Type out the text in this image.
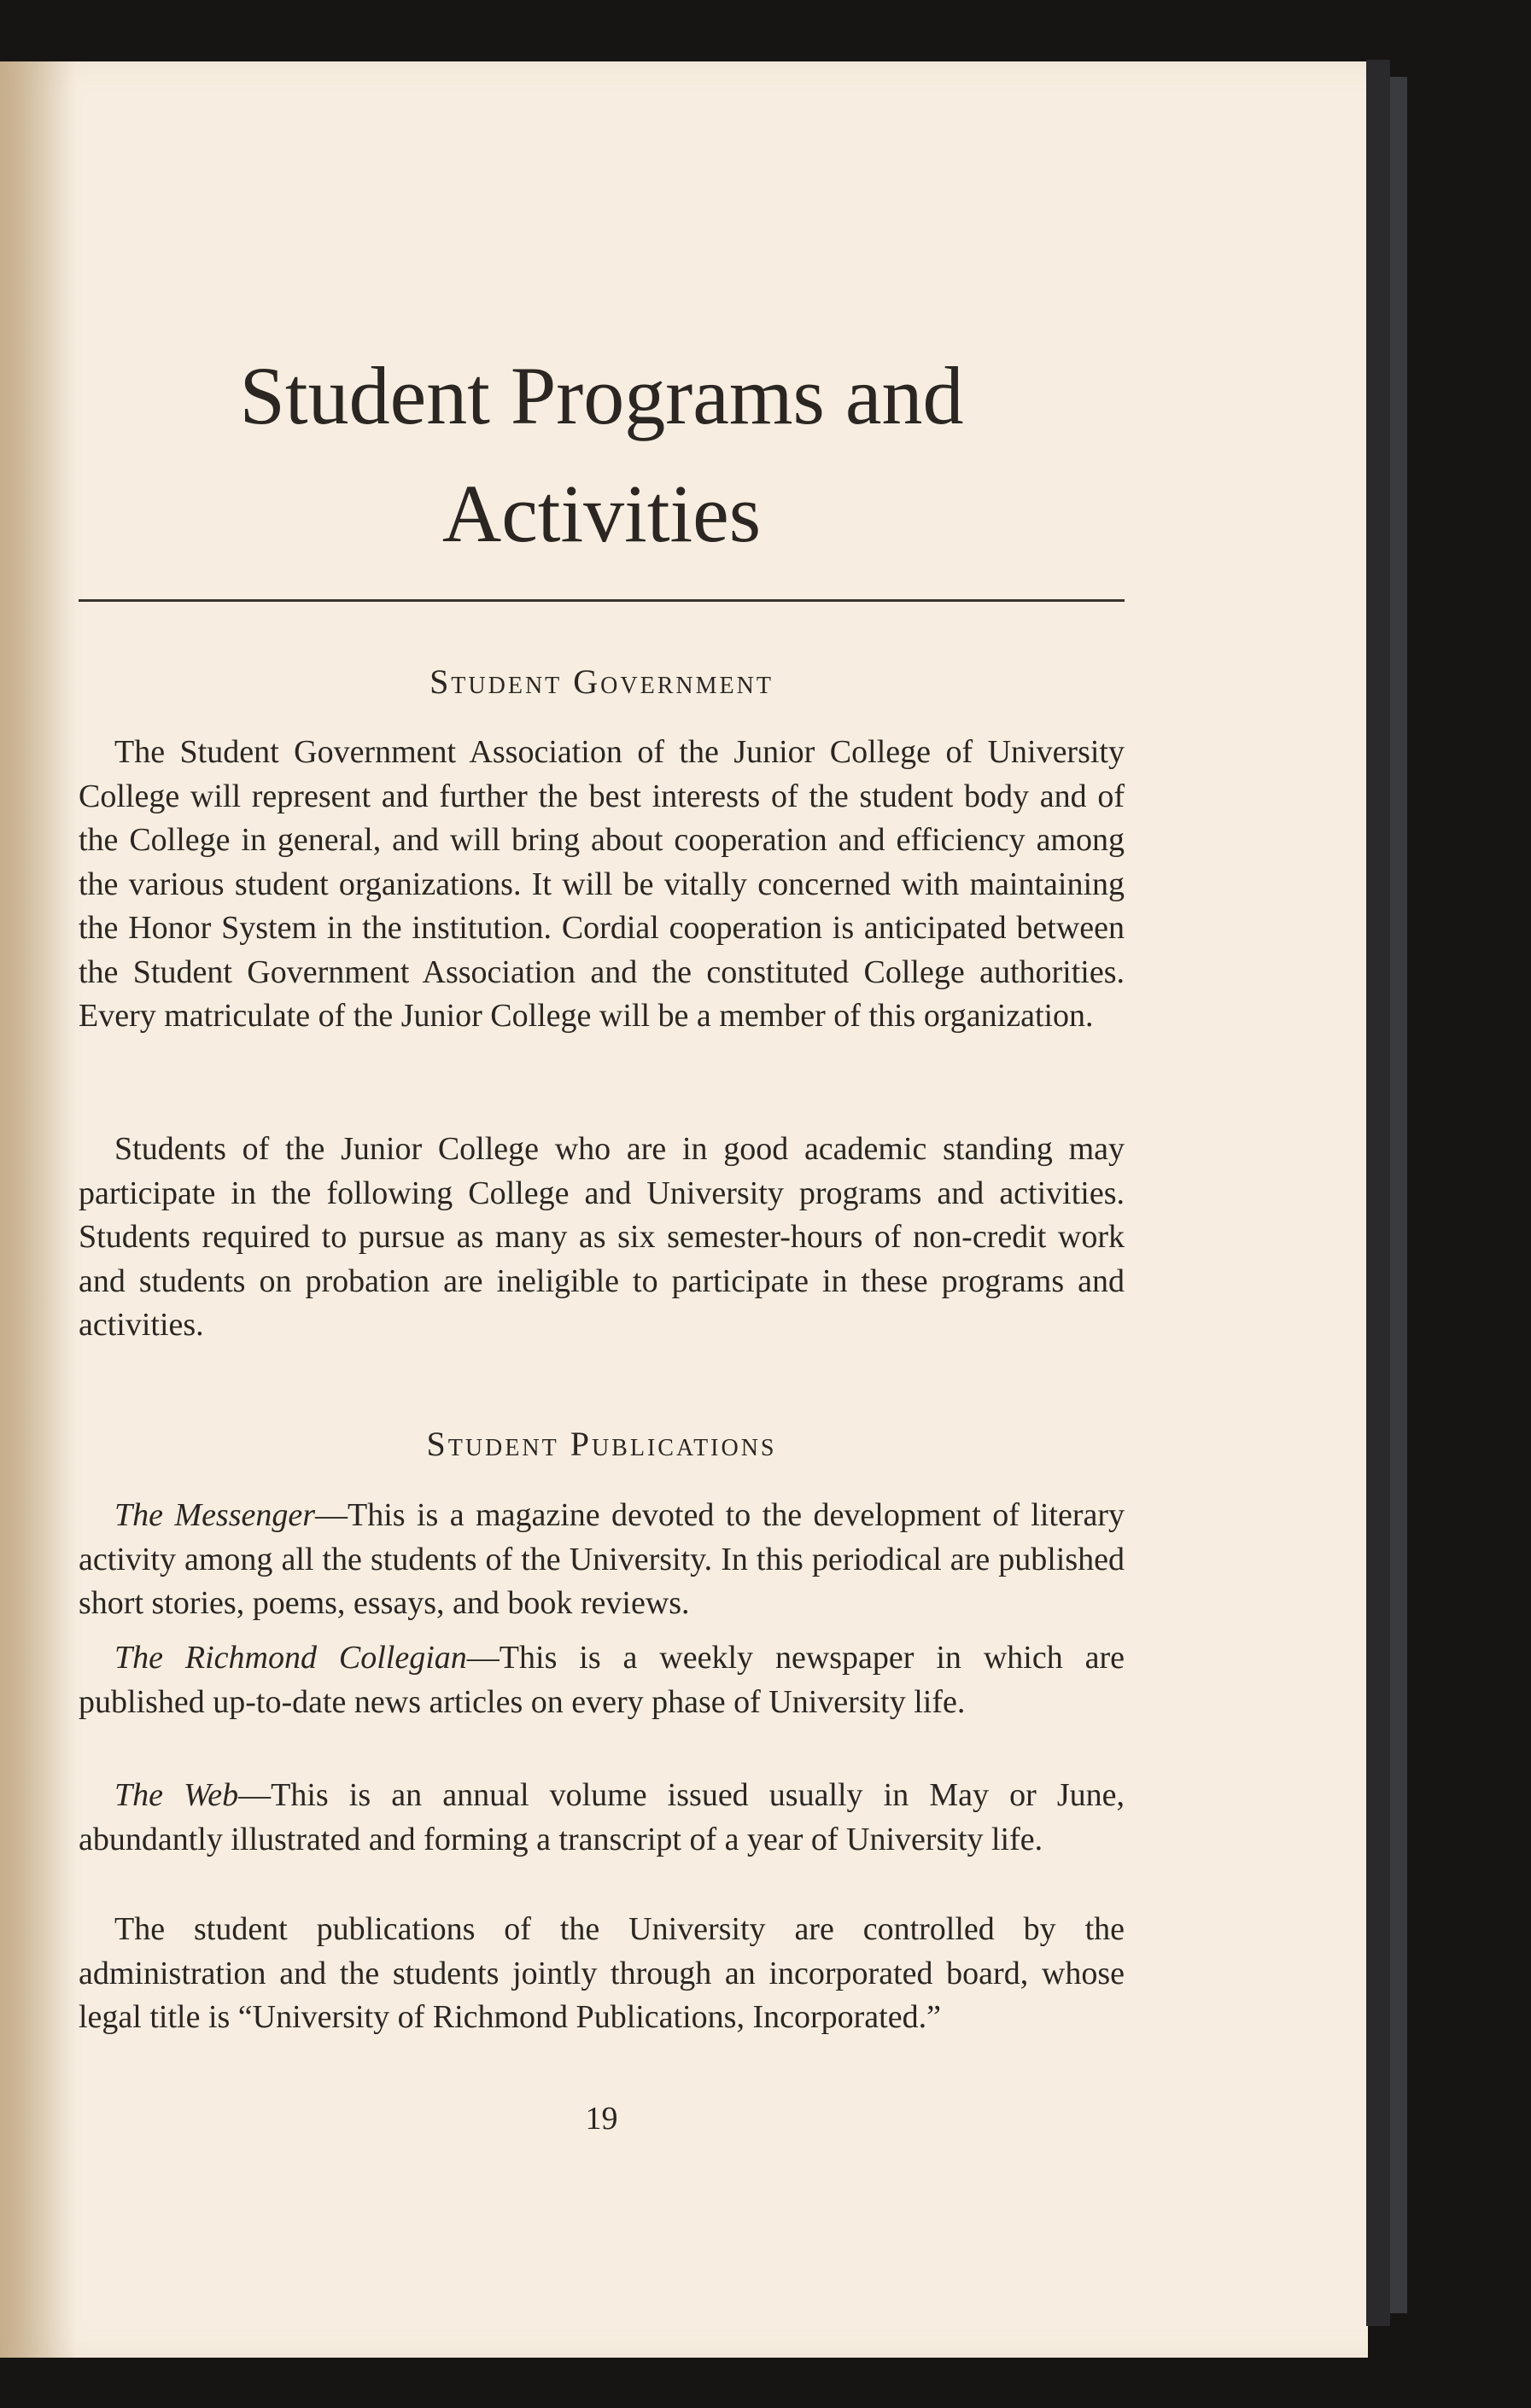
Student Programs and
Activities
Student Government

The Student Government Association of the Junior College of University College will represent and further the best interests of the student body and of the College in general, and will bring about cooperation and efficiency among the various student organizations. It will be vitally concerned with maintaining the Honor System in the institution. Cordial cooperation is anticipated between the Student Government Association and the constituted College authorities. Every matriculate of the Junior College will be a member of this organization.

Students of the Junior College who are in good academic standing may participate in the following College and University programs and activities. Students required to pursue as many as six semester-hours of non-credit work and students on probation are ineligible to participate in these programs and activities.

Student Publications

The Messenger—This is a magazine devoted to the development of literary activity among all the students of the University. In this periodical are published short stories, poems, essays, and book reviews.

The Richmond Collegian—This is a weekly newspaper in which are published up-to-date news articles on every phase of University life.

The Web—This is an annual volume issued usually in May or June, abundantly illustrated and forming a transcript of a year of University life.

The student publications of the University are controlled by the administration and the students jointly through an incorporated board, whose legal title is “University of Richmond Publications, Incorporated.”

19
